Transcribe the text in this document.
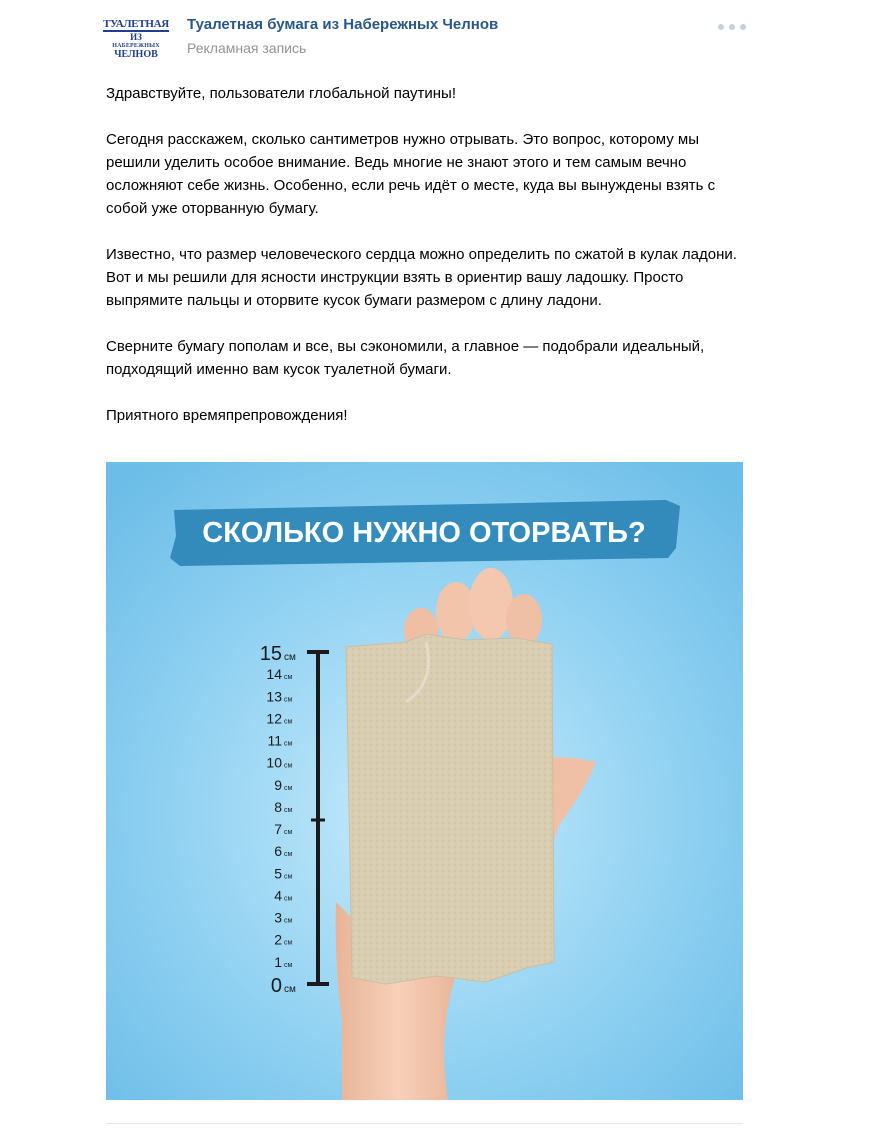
ТУАЛЕТНАЯ
ИЗ
НАБЕРЕЖНЫХ
ЧЕЛНОВ
Туалетная бумага из Набережных Челнов
Рекламная запись

Здравствуйте, пользователи глобальной паутины!

Сегодня расскажем, сколько сантиметров нужно отрывать. Это вопрос, которому мы решили уделить особое внимание. Ведь многие не знают этого и тем самым вечно осложняют себе жизнь. Особенно, если речь идёт о месте, куда вы вынуждены взять с собой уже оторванную бумагу.

Известно, что размер человеческого сердца можно определить по сжатой в кулак ладони. Вот и мы решили для ясности инструкции взять в ориентир вашу ладошку. Просто выпрямите пальцы и оторвите кусок бумаги размером с длину ладони.

Сверните бумагу пополам и все, вы сэкономили, а главное — подобрали идеальный, подходящий именно вам кусок туалетной бумаги.

Приятного времяпрепровождения!

СКОЛЬКО НУЖНО ОТОРВАТЬ?
0 см
1 см
2 см
3 см
4 см
5 см
6 см
7 см
8 см
9 см
10 см
11 см
12 см
13 см
14 см
15 см
